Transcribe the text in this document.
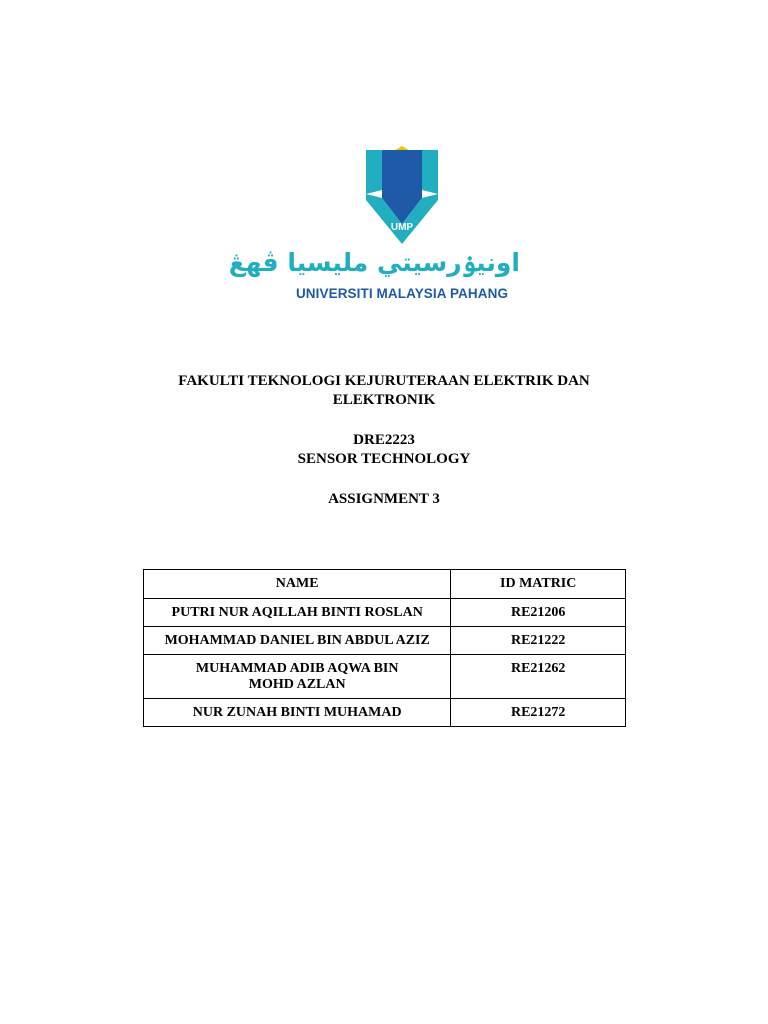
UMP
اونيۏرسيتي مليسيا ڤهڠ
UNIVERSITI MALAYSIA PAHANG
FAKULTI TEKNOLOGI KEJURUTERAAN ELEKTRIK DAN
ELEKTRONIK
DRE2223
SENSOR TECHNOLOGY
ASSIGNMENT 3
NAME	ID MATRIC
PUTRI NUR AQILLAH BINTI ROSLAN	RE21206
MOHAMMAD DANIEL BIN ABDUL AZIZ	RE21222
MUHAMMAD ADIB AQWA BIN MOHD AZLAN	RE21262
NUR ZUNAH BINTI MUHAMAD	RE21272
